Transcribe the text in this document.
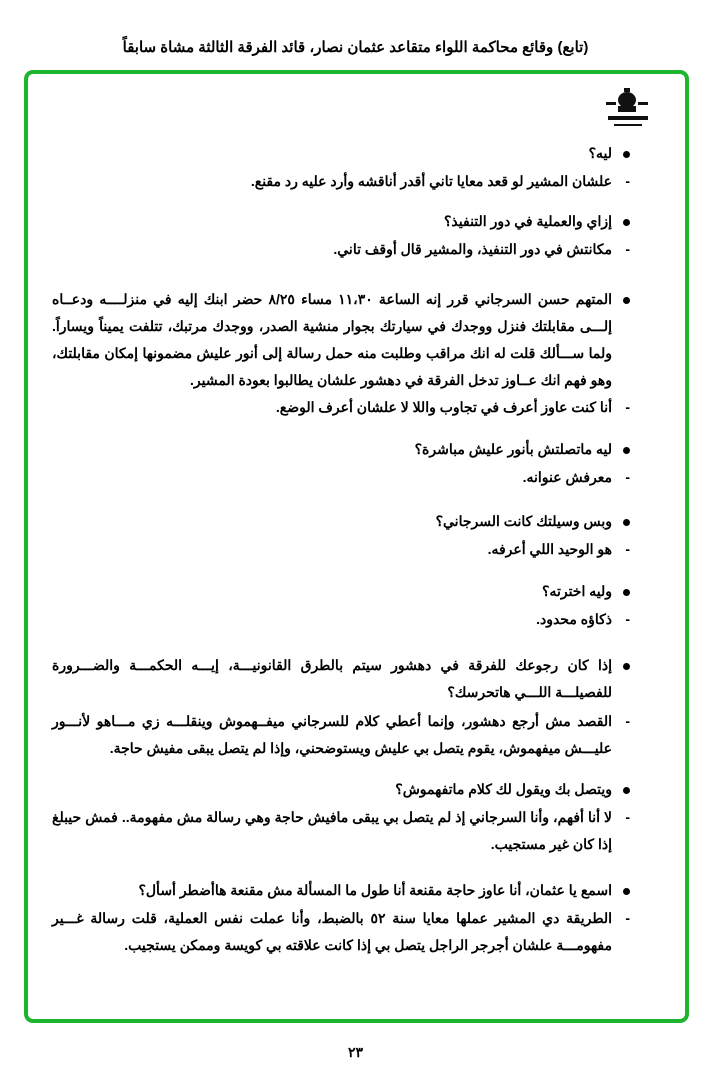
(تابع) وقائع محاكمة اللواء متقاعد عثمان نصار، قائد الفرقة الثالثة مشاة سابقاً
ليه؟
-
علشان المشير لو قعد معايا تاني أقدر أناقشه وأرد عليه رد مقنع.
إزاي والعملية في دور التنفيذ؟
-
مكانتش في دور التنفيذ، والمشير قال أوقف تاني.
المتهم حسن السرجاني قرر إنه الساعة ١١،٣٠ مساء ٨/٢٥ حضر ابنك إليه في منزلــــه ودعــاه إلـــى مقابلتك فنزل ووجدك في سيارتك بجوار منشية الصدر، ووجدك مرتبك، تتلفت يميناً ويساراً. ولما ســـألك قلت له انك مراقب وطلبت منه حمل رسالة إلى أنور عليش مضمونها إمكان مقابلتك، وهو فهم انك عــاوز تدخل الفرقة في دهشور علشان يطالبوا بعودة المشير.
-
أنا كنت عاوز أعرف في تجاوب واللا لا علشان أعرف الوضع.
ليه ماتصلتش بأنور عليش مباشرة؟
-
معرفش عنوانه.
وبس وسيلتك كانت السرجاني؟
-
هو الوحيد اللي أعرفه.
وليه اخترته؟
-
ذكاؤه محدود.
إذا كان رجوعك للفرقة في دهشور سيتم بالطرق القانونيـــة، إيـــه الحكمـــة والضـــرورة للفصيلـــة اللـــي هاتحرسك؟
-
القصد مش أرجع دهشور، وإنما أعطي كلام للسرجاني ميفــهموش وينقلـــه زي مـــاهو لأنـــور عليـــش ميفهموش، يقوم يتصل بي عليش ويستوضحني، وإذا لم يتصل يبقى مفيش حاجة.
ويتصل بك ويقول لك كلام ماتفهموش؟
-
لا أنا أفهم، وأنا السرجاني إذ لم يتصل بي يبقى مافيش حاجة وهي رسالة مش مفهومة.. فمش حيبلغ إذا كان غير مستجيب.
اسمع يا عثمان، أنا عاوز حاجة مقنعة أنا طول ما المسألة مش مقنعة هاأضطر أسأل؟
-
الطريقة دي المشير عملها معايا سنة ٥٢ بالضبط، وأنا عملت نفس العملية، قلت رسالة غـــير مفهومـــة علشان أجرجر الراجل يتصل بي إذا كانت علاقته بي كويسة وممكن يستجيب.
٢٣
